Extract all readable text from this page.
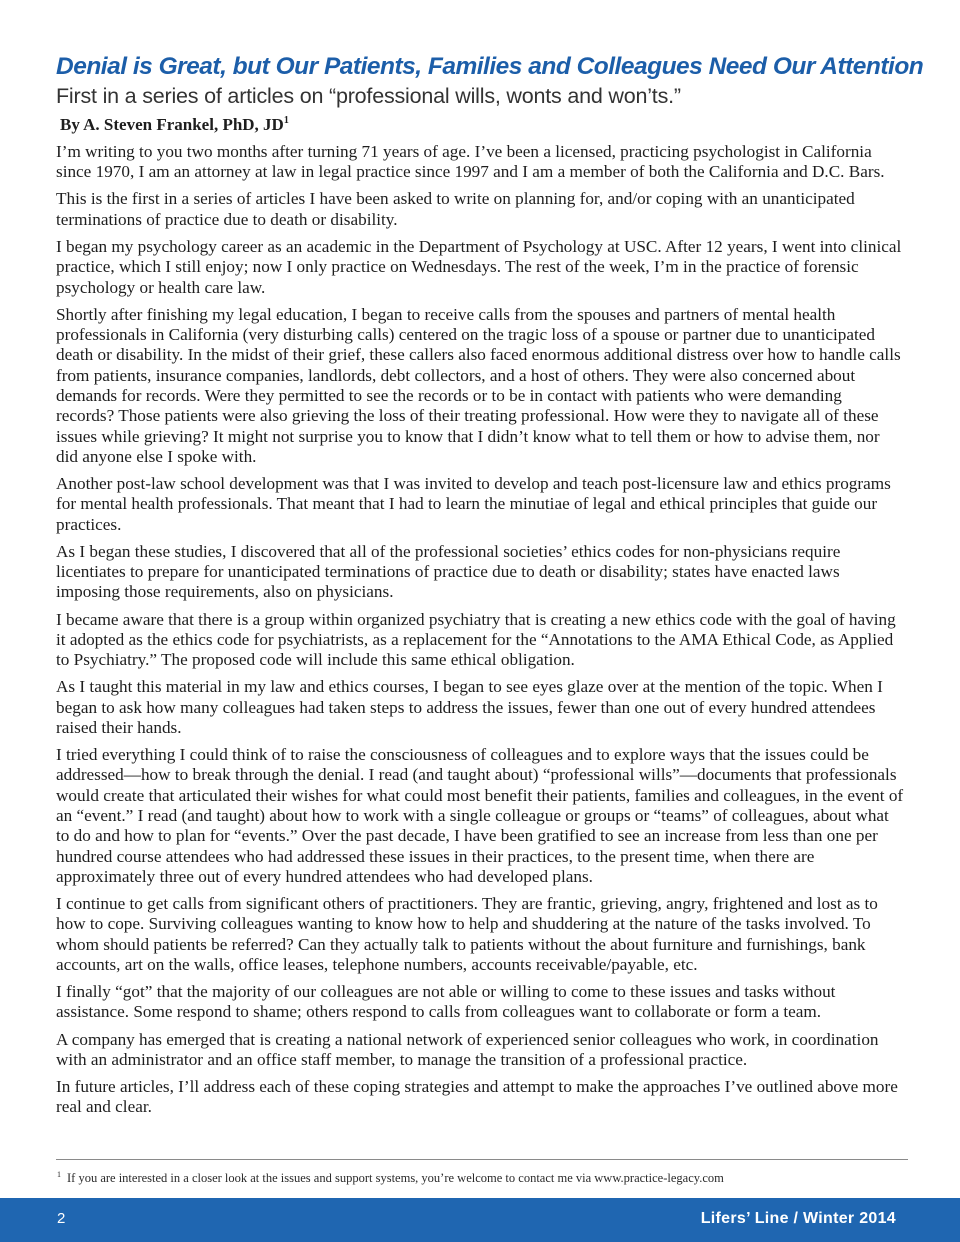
Denial is Great, but Our Patients, Families and Colleagues Need Our Attention

First in a series of articles on “professional wills, wonts and won’ts.”

By A. Steven Frankel, PhD, $JD^1$

I’m writing to you two months after turning 71 years of age. I’ve been a licensed, practicing psychologist in California since 1970, I am an attorney at law in legal practice since 1997 and I am a member of both the California and D.C. Bars.

This is the first in a series of articles I have been asked to write on planning for, and/or coping with an unanticipated terminations of practice due to death or disability.

I began my psychology career as an academic in the Department of Psychology at USC. After 12 years, I went into clinical practice, which I still enjoy; now I only practice on Wednesdays. The rest of the week, I’m in the practice of forensic psychology or health care law.

Shortly after finishing my legal education, I began to receive calls from the spouses and partners of mental health professionals in California (very disturbing calls) centered on the tragic loss of a spouse or partner due to unanticipated death or disability. In the midst of their grief, these callers also faced enormous additional distress over how to handle calls from patients, insurance companies, landlords, debt collectors, and a host of others. They were also concerned about demands for records. Were they permitted to see the records or to be in contact with patients who were demanding records? Those patients were also grieving the loss of their treating professional. How were they to navigate all of these issues while grieving? It might not surprise you to know that I didn’t know what to tell them or how to advise them, nor did anyone else I spoke with.

Another post-law school development was that I was invited to develop and teach post-licensure law and ethics programs for mental health professionals. That meant that I had to learn the minutiae of legal and ethical principles that guide our practices.

As I began these studies, I discovered that all of the professional societies’ ethics codes for non-physicians require licentiates to prepare for unanticipated terminations of practice due to death or disability; states have enacted laws imposing those requirements, also on physicians.

I became aware that there is a group within organized psychiatry that is creating a new ethics code with the goal of having it adopted as the ethics code for psychiatrists, as a replacement for the “Annotations to the AMA Ethical Code, as Applied to Psychiatry.” The proposed code will include this same ethical obligation.

As I taught this material in my law and ethics courses, I began to see eyes glaze over at the mention of the topic. When I began to ask how many colleagues had taken steps to address the issues, fewer than one out of every hundred attendees raised their hands.

I tried everything I could think of to raise the consciousness of colleagues and to explore ways that the issues could be addressed—how to break through the denial. I read (and taught about) “professional wills”—documents that professionals would create that articulated their wishes for what could most benefit their patients, families and colleagues, in the event of an “event.” I read (and taught) about how to work with a single colleague or groups or “teams” of colleagues, about what to do and how to plan for “events.” Over the past decade, I have been gratified to see an increase from less than one per hundred course attendees who had addressed these issues in their practices, to the present time, when there are approximately three out of every hundred attendees who had developed plans.

I continue to get calls from significant others of practitioners. They are frantic, grieving, angry, frightened and lost as to how to cope. Surviving colleagues wanting to know how to help and shuddering at the nature of the tasks involved. To whom should patients be referred? Can they actually talk to patients without the about furniture and furnishings, bank accounts, art on the walls, office leases, telephone numbers, accounts receivable/payable, etc.

I finally “got” that the majority of our colleagues are not able or willing to come to these issues and tasks without assistance. Some respond to shame; others respond to calls from colleagues want to collaborate or form a team.

A company has emerged that is creating a national network of experienced senior colleagues who work, in coordination with an administrator and an office staff member, to manage the transition of a professional practice.

In future articles, I’ll address each of these coping strategies and attempt to make the approaches I’ve outlined above more real and clear.

$^1$ If you are interested in a closer look at the issues and support systems, you’re welcome to contact me via www.practice-legacy.com
2	Lifers’ Line / Winter 2014
